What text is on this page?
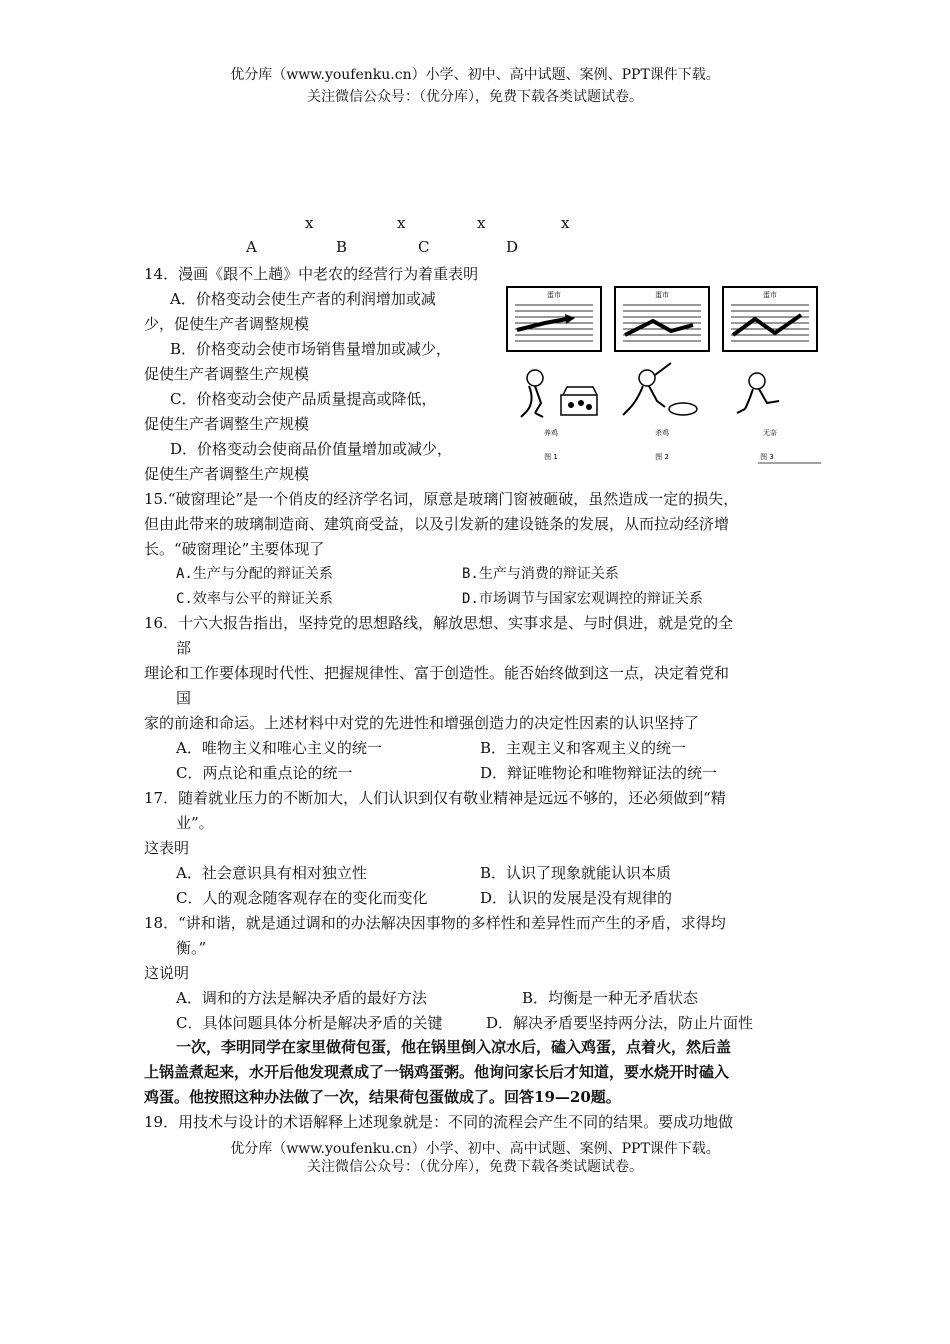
优分库（www.youfenku.cn）小学、初中、高中试题、案例、PPT课件下载。
关注微信公众号：（优分库），免费下载各类试题试卷。
x	x	x	x
A	B	C	D
14．漫画《跟不上趟》中老农的经营行为着重表明
A．价格变动会使生产者的利润增加或减
少，促使生产者调整规模
B．价格变动会使市场销售量增加或减少，
促使生产者调整生产规模
C．价格变动会使产品质量提高或降低，
促使生产者调整生产规模
D．价格变动会使商品价值量增加或减少，
促使生产者调整生产规模
蛋市
养鸡
图 1
蛋市
杀鸡
图 2
蛋市
无奈
图 3
15.“破窗理论”是一个俏皮的经济学名词，原意是玻璃门窗被砸破，虽然造成一定的损失，
但由此带来的玻璃制造商、建筑商受益，以及引发新的建设链条的发展，从而拉动经济增
长。“破窗理论”主要体现了
A.生产与分配的辩证关系	B.生产与消费的辩证关系
C.效率与公平的辩证关系	D.市场调节与国家宏观调控的辩证关系
16．十六大报告指出，坚持党的思想路线，解放思想、实事求是、与时俱进，就是党的全
部
理论和工作要体现时代性、把握规律性、富于创造性。能否始终做到这一点，决定着党和
国
家的前途和命运。上述材料中对党的先进性和增强创造力的决定性因素的认识坚持了
A．唯物主义和唯心主义的统一	B．主观主义和客观主义的统一
C．两点论和重点论的统一	D．辩证唯物论和唯物辩证法的统一
17．随着就业压力的不断加大，人们认识到仅有敬业精神是远远不够的，还必须做到“精
业”。
这表明
A．社会意识具有相对独立性	B．认识了现象就能认识本质
C．人的观念随客观存在的变化而变化	D．认识的发展是没有规律的
18．“讲和谐，就是通过调和的办法解决因事物的多样性和差异性而产生的矛盾，求得均
衡。”
这说明
A．调和的方法是解决矛盾的最好方法	B．均衡是一种无矛盾状态
C．具体问题具体分析是解决矛盾的关键	D．解决矛盾要坚持两分法，防止片面性
一次，李明同学在家里做荷包蛋，他在锅里倒入凉水后，磕入鸡蛋，点着火，然后盖
上锅盖煮起来，水开后他发现煮成了一锅鸡蛋粥。他询问家长后才知道，要水烧开时磕入
鸡蛋。他按照这种办法做了一次，结果荷包蛋做成了。回答19—20题。
19．用技术与设计的术语解释上述现象就是：不同的流程会产生不同的结果。要成功地做
优分库（www.youfenku.cn）小学、初中、高中试题、案例、PPT课件下载。
关注微信公众号：（优分库），免费下载各类试题试卷。
